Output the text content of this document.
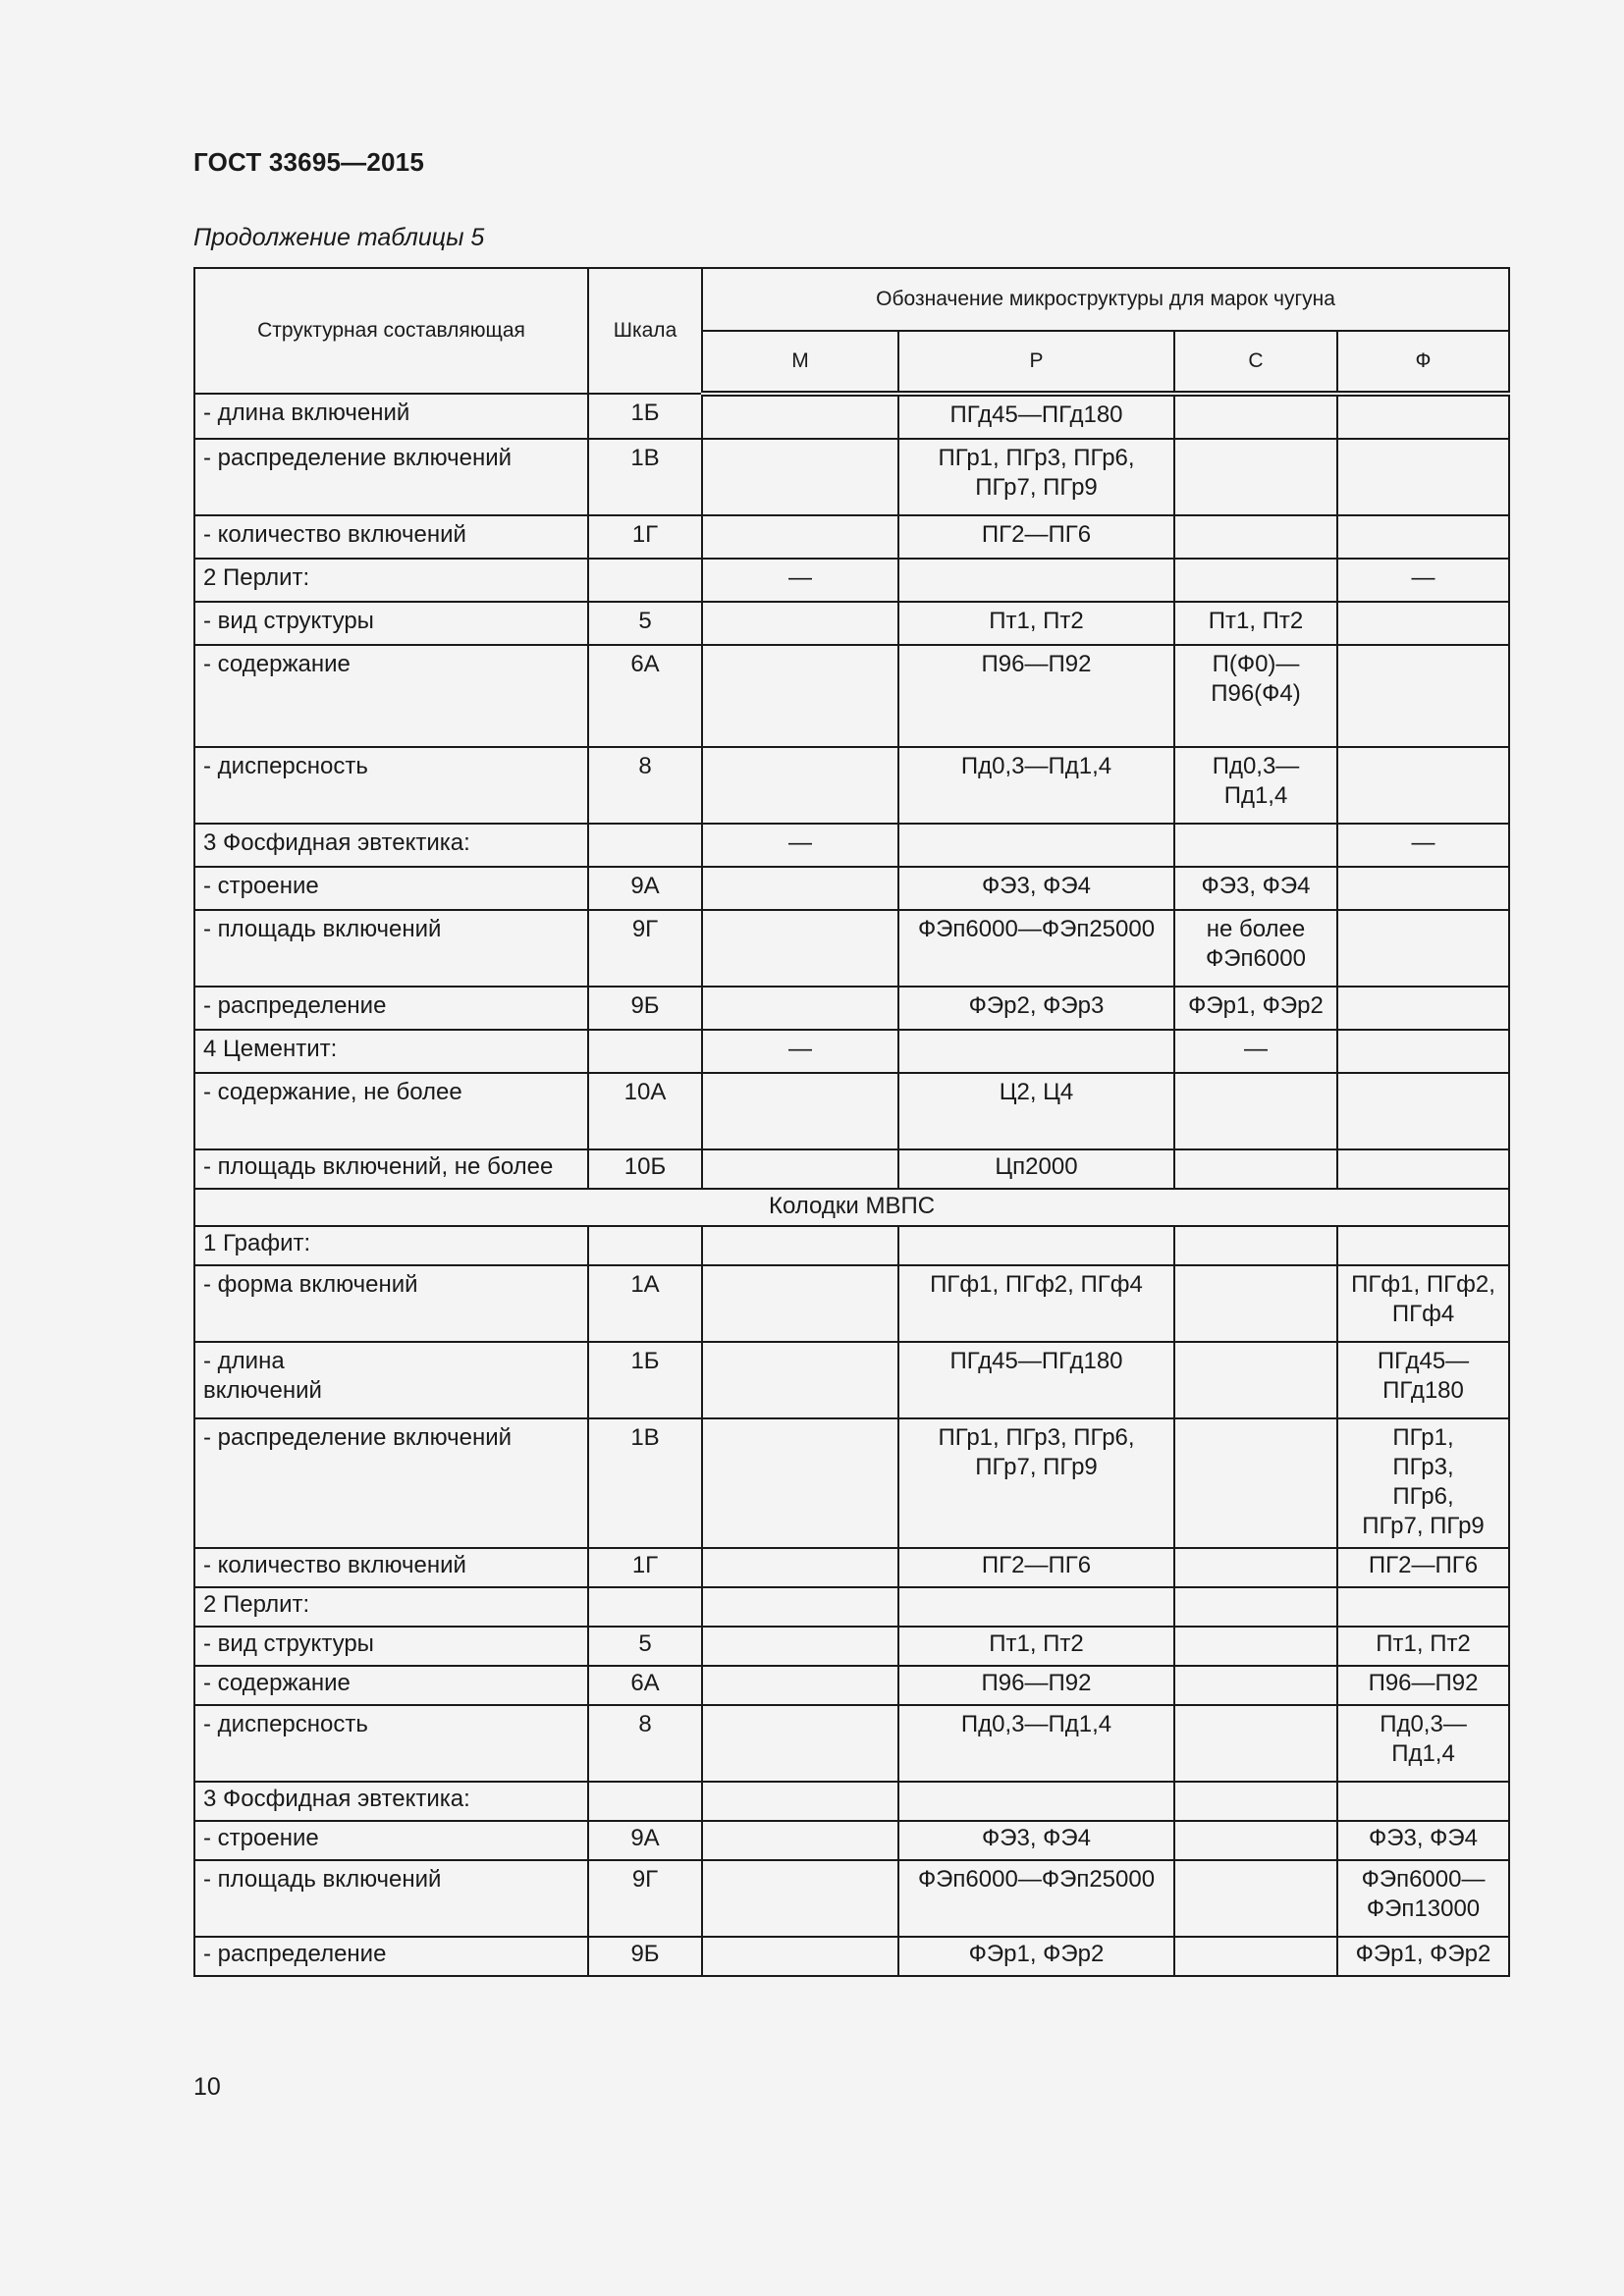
ГОСТ 33695—2015
Продолжение таблицы 5
Структурная составляющая	Шкала	Обозначение микроструктуры для марок чугуна			
		М	Р	С	Ф
- длина включений	1Б		ПГд45—ПГд180		
- распределение включений	1В		ПГр1, ПГр3, ПГр6, ПГр7, ПГр9		
- количество включений	1Г		ПГ2—ПГ6		
2 Перлит:		—			—
- вид структуры	5		Пт1, Пт2	Пт1, Пт2	
- содержание	6А		П96—П92	П(Ф0)— П96(Ф4)	
- дисперсность	8		Пд0,3—Пд1,4	Пд0,3— Пд1,4	
3 Фосфидная эвтектика:		—			—
- строение	9А		ФЭ3, ФЭ4	ФЭ3, ФЭ4	
- площадь включений	9Г		ФЭп6000—ФЭп25000	не более ФЭп6000	
- распределение	9Б		ФЭр2, ФЭр3	ФЭр1, ФЭр2	
4 Цементит:		—		—	
- содержание, не более	10А		Ц2, Ц4		
- площадь включений, не более	10Б		Цп2000		
Колодки МВПС					
1 Графит:					
- форма включений	1А		ПГф1, ПГф2, ПГф4		ПГф1, ПГф2, ПГф4
- длина включений	1Б		ПГд45—ПГд180		ПГд45— ПГд180
- распределение включений	1В		ПГр1, ПГр3, ПГр6, ПГр7, ПГр9		ПГр1, ПГр3, ПГр6, ПГр7, ПГр9
- количество включений	1Г		ПГ2—ПГ6		ПГ2—ПГ6
2 Перлит:					
- вид структуры	5		Пт1, Пт2		Пт1, Пт2
- содержание	6А		П96—П92		П96—П92
- дисперсность	8		Пд0,3—Пд1,4		Пд0,3— Пд1,4
3 Фосфидная эвтектика:					
- строение	9А		ФЭ3, ФЭ4		ФЭ3, ФЭ4
- площадь включений	9Г		ФЭп6000—ФЭп25000		ФЭп6000— ФЭп13000
- распределение	9Б		ФЭр1, ФЭр2		ФЭр1, ФЭр2
10
